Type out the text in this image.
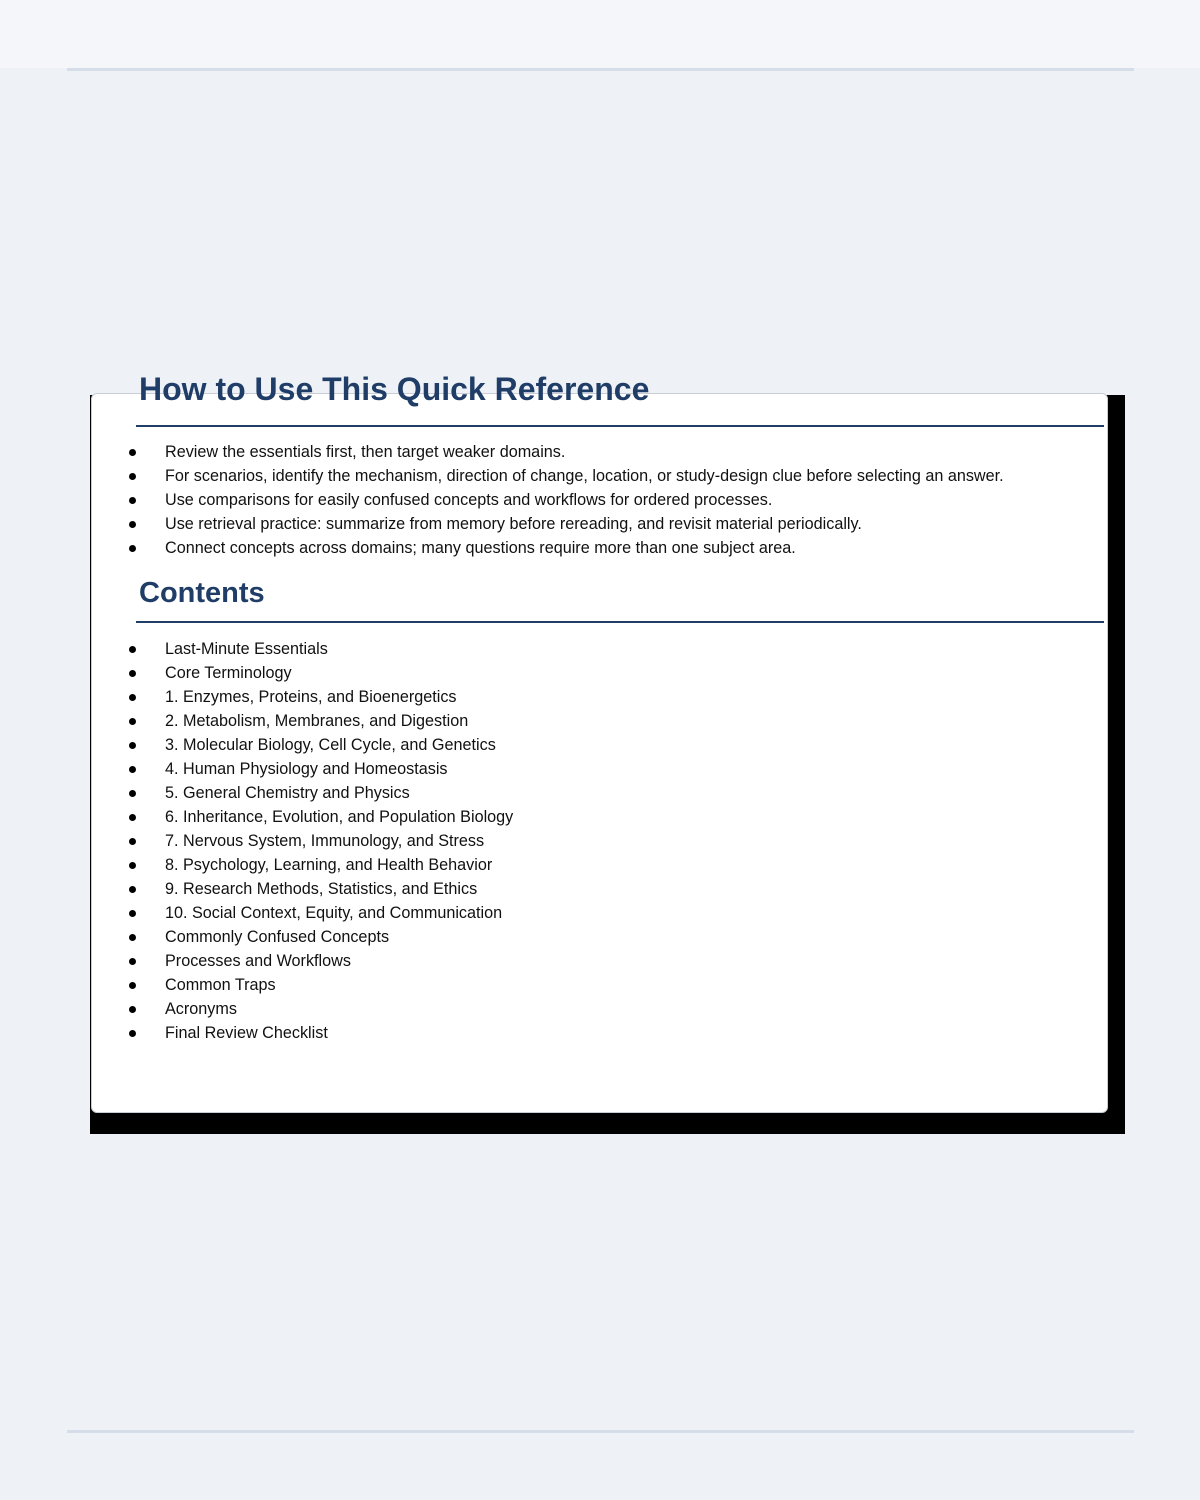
How to Use This Quick Reference
Review the essentials first, then target weaker domains.
For scenarios, identify the mechanism, direction of change, location, or study-design clue before selecting an answer.
Use comparisons for easily confused concepts and workflows for ordered processes.
Use retrieval practice: summarize from memory before rereading, and revisit material periodically.
Connect concepts across domains; many questions require more than one subject area.
Contents
Last-Minute Essentials
Core Terminology
1. Enzymes, Proteins, and Bioenergetics
2. Metabolism, Membranes, and Digestion
3. Molecular Biology, Cell Cycle, and Genetics
4. Human Physiology and Homeostasis
5. General Chemistry and Physics
6. Inheritance, Evolution, and Population Biology
7. Nervous System, Immunology, and Stress
8. Psychology, Learning, and Health Behavior
9. Research Methods, Statistics, and Ethics
10. Social Context, Equity, and Communication
Commonly Confused Concepts
Processes and Workflows
Common Traps
Acronyms
Final Review Checklist
